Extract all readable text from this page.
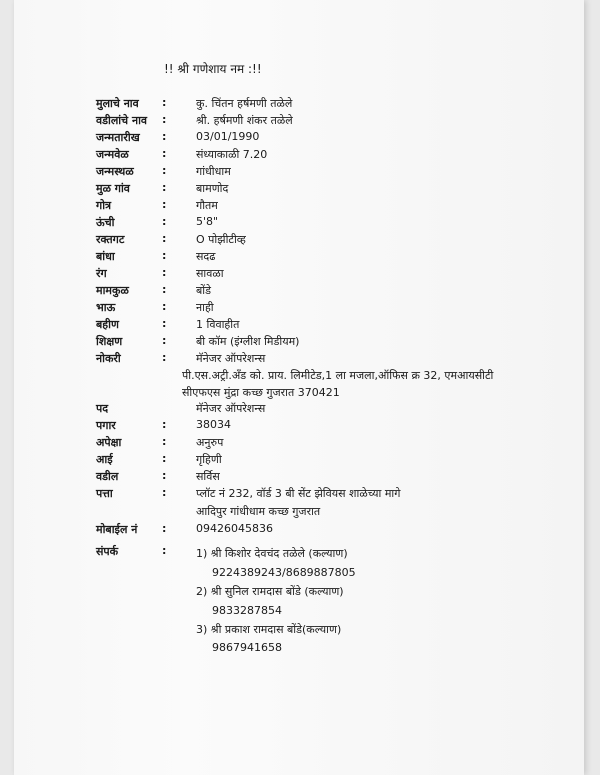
!! श्री गणेशाय नम :!!
मुलाचे नाव :	कु. चिंतन हर्षमणी तळेले
वडीलांचे नाव :	श्री. हर्षमणी शंकर तळेले
जन्मतारीख :	03/01/1990
जन्मवेळ	:	संध्याकाळी 7.20
जन्मस्थळ	:	गांधीधाम
मुळ गांव	:	बामणोद
गोत्र	:	गौतम
ऊंची	:	5'8"
रक्तगट	:	O पोझीटीव्ह
बांधा	:	सदढ
रंग	:	सावळा
मामकुळ	:	बोंडे
भाऊ	:	नाही
बहीण	:	1 विवाहीत
शिक्षण	:	बी कॉम (इंग्लीश मिडीयम)
नोकरी	:	मॅनेजर ऑपरेशन्स
पी.एस.अट्री.ॲंड को. प्राय. लिमीटेड,1 ला मजला,ऑफिस क्र 32, एमआयसीटी
सीएफएस मुंद्रा कच्छ गुजरात 370421
पद	मॅनेजर ऑपरेशन्स
पगार	:	38034
अपेक्षा	:	अनुरुप
आई	:	गृहिणी
वडील	:	सर्विस
पत्ता	:	प्लॉट नं 232, वॉर्ड 3 बी सेंट झेवियस शाळेच्या मागे
आदिपुर गांधीधाम कच्छ गुजरात
मोबाईल नं :	09426045836
संपर्क	:	1) श्री किशोर देवचंद तळेले (कल्याण)
9224389243/8689887805
2) श्री सुनिल रामदास बोंडे (कल्याण)
9833287854
3) श्री प्रकाश रामदास बोंडे(कल्याण)
9867941658
